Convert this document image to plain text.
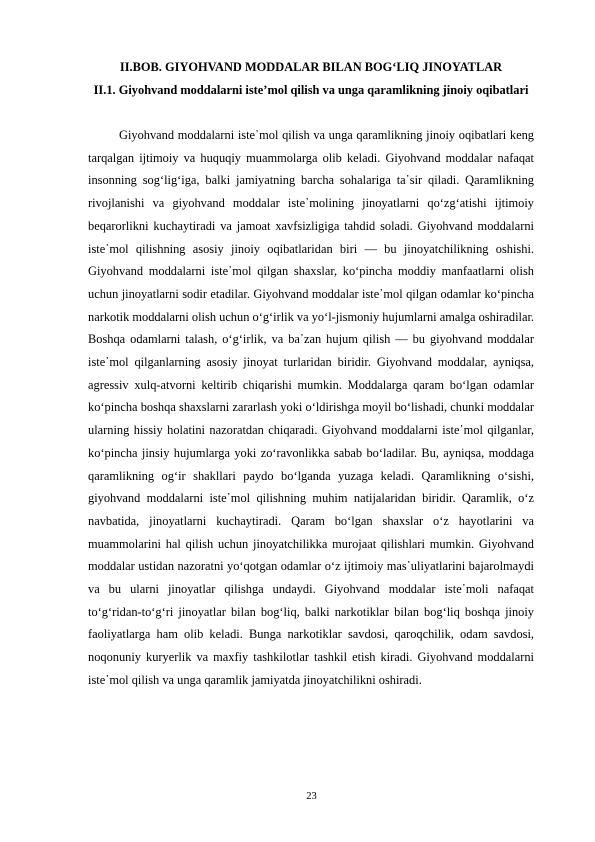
II.BOB. GIYOHVAND MODDALAR BILAN BOG‘LIQ JINOYATLAR
II.1. Giyohvand moddalarni iste’mol qilish va unga qaramlikning jinoiy oqibatlari

Giyohvand moddalarni iste᾽mol qilish va unga qaramlikning jinoiy oqibatlari keng tarqalgan ijtimoiy va huquqiy muammolarga olib keladi. Giyohvand moddalar nafaqat insonning sog‘lig‘iga, balki jamiyatning barcha sohalariga ta᾽sir qiladi. Qaramlikning rivojlanishi va giyohvand moddalar iste᾽molining jinoyatlarni qo‘zg‘atishi ijtimoiy beqarorlikni kuchaytiradi va jamoat xavfsizligiga tahdid soladi. Giyohvand moddalarni iste᾽mol qilishning asosiy jinoiy oqibatlaridan biri — bu jinoyatchilikning oshishi. Giyohvand moddalarni iste᾽mol qilgan shaxslar, ko‘pincha moddiy manfaatlarni olish uchun jinoyatlarni sodir etadilar. Giyohvand moddalar iste᾽mol qilgan odamlar ko‘pincha narkotik moddalarni olish uchun o‘g‘irlik va yo‘l-jismoniy hujumlarni amalga oshiradilar. Boshqa odamlarni talash, o‘g‘irlik, va ba᾽zan hujum qilish — bu giyohvand moddalar iste᾽mol qilganlarning asosiy jinoyat turlaridan biridir. Giyohvand moddalar, ayniqsa, agressiv xulq-atvorni keltirib chiqarishi mumkin. Moddalarga qaram bo‘lgan odamlar ko‘pincha boshqa shaxslarni zararlash yoki o‘ldirishga moyil bo‘lishadi, chunki moddalar ularning hissiy holatini nazoratdan chiqaradi. Giyohvand moddalarni iste᾽mol qilganlar, ko‘pincha jinsiy hujumlarga yoki zo‘ravonlikka sabab bo‘ladilar. Bu, ayniqsa, moddaga qaramlikning og‘ir shakllari paydo bo‘lganda yuzaga keladi. Qaramlikning o‘sishi, giyohvand moddalarni iste᾽mol qilishning muhim natijalaridan biridir. Qaramlik, o‘z navbatida, jinoyatlarni kuchaytiradi. Qaram bo‘lgan shaxslar o‘z hayotlarini va muammolarini hal qilish uchun jinoyatchilikka murojaat qilishlari mumkin. Giyohvand moddalar ustidan nazoratni yo‘qotgan odamlar o‘z ijtimoiy mas᾽uliyatlarini bajarolmaydi va bu ularni jinoyatlar qilishga undaydi. Giyohvand moddalar iste᾽moli nafaqat to‘g‘ridan-to‘g‘ri jinoyatlar bilan bog‘liq, balki narkotiklar bilan bog‘liq boshqa jinoiy faoliyatlarga ham olib keladi. Bunga narkotiklar savdosi, qaroqchilik, odam savdosi, noqonuniy kuryerlik va maxfiy tashkilotlar tashkil etish kiradi. Giyohvand moddalarni iste᾽mol qilish va unga qaramlik jamiyatda jinoyatchilikni oshiradi.

23
